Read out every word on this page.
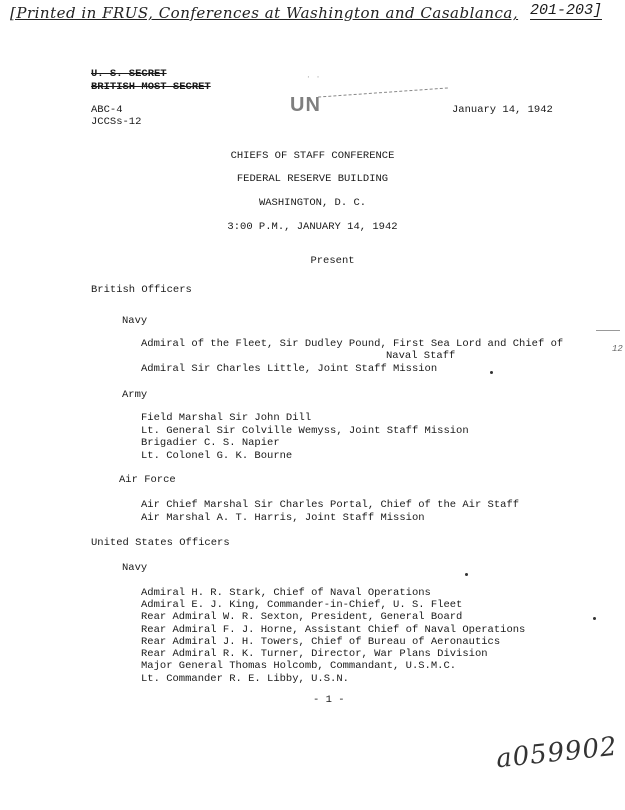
[Printed in FRUS, Conferences at Washington and Casablanca, 201-203]
U. S. SECRET
BRITISH MOST SECRET
UN
· ·
ABC-4
JCCSs-12
January 14, 1942
CHIEFS OF STAFF CONFERENCE
FEDERAL RESERVE BUILDING
WASHINGTON, D. C.
3:00 P.M., JANUARY 14, 1942
Present
British Officers
Navy
Admiral of the Fleet, Sir Dudley Pound, First Sea Lord and Chief of
Naval Staff
Admiral Sir Charles Little, Joint Staff Mission
Army
Field Marshal Sir John Dill
Lt. General Sir Colville Wemyss, Joint Staff Mission
Brigadier C. S. Napier
Lt. Colonel G. K. Bourne
Air Force
Air Chief Marshal Sir Charles Portal, Chief of the Air Staff
Air Marshal A. T. Harris, Joint Staff Mission
United States Officers
Navy
Admiral H. R. Stark, Chief of Naval Operations
Admiral E. J. King, Commander-in-Chief, U. S. Fleet
Rear Admiral W. R. Sexton, President, General Board
Rear Admiral F. J. Horne, Assistant Chief of Naval Operations
Rear Admiral J. H. Towers, Chief of Bureau of Aeronautics
Rear Admiral R. K. Turner, Director, War Plans Division
Major General Thomas Holcomb, Commandant, U.S.M.C.
Lt. Commander R. E. Libby, U.S.N.
- 1 -
12
a059902
